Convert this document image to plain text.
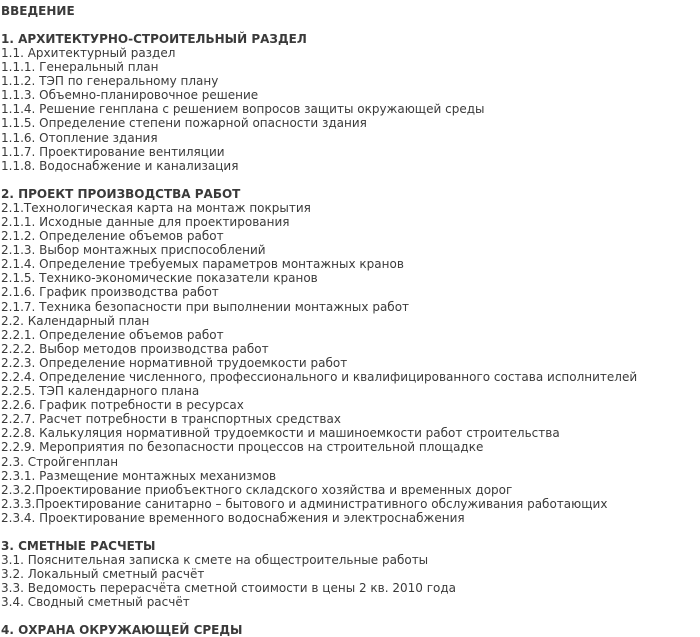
ВВЕДЕНИЕ
1. АРХИТЕКТУРНО-СТРОИТЕЛЬНЫЙ РАЗДЕЛ
1.1. Архитектурный раздел
1.1.1. Генеральный план
1.1.2. ТЭП по генеральному плану
1.1.3. Объемно-планировочное решение
1.1.4. Решение генплана с решением вопросов защиты окружающей среды
1.1.5. Определение степени пожарной опасности здания
1.1.6. Отопление здания
1.1.7. Проектирование вентиляции
1.1.8. Водоснабжение и канализация
2. ПРОЕКТ ПРОИЗВОДСТВА РАБОТ
2.1.Технологическая карта на монтаж покрытия
2.1.1. Исходные данные для проектирования
2.1.2. Определение объемов работ
2.1.3. Выбор монтажных приспособлений
2.1.4. Определение требуемых параметров монтажных кранов
2.1.5. Технико-экономические показатели кранов
2.1.6. График производства работ
2.1.7. Техника безопасности при выполнении монтажных работ
2.2. Календарный план
2.2.1. Определение объемов работ
2.2.2. Выбор методов производства работ
2.2.3. Определение нормативной трудоемкости работ
2.2.4. Определение численного, профессионального и квалифицированного состава исполнителей
2.2.5. ТЭП календарного плана
2.2.6. График потребности в ресурсах
2.2.7. Расчет потребности в транспортных средствах
2.2.8. Калькуляция нормативной трудоемкости и машиноемкости работ строительства
2.2.9. Мероприятия по безопасности процессов на строительной площадке
2.3. Стройгенплан
2.3.1. Размещение монтажных механизмов
2.3.2.Проектирование приобъектного складского хозяйства и временных дорог
2.3.3.Проектирование санитарно – бытового и административного обслуживания работающих
2.3.4. Проектирование временного водоснабжения и электроснабжения
3. СМЕТНЫЕ РАСЧЕТЫ
3.1. Пояснительная записка к смете на общестроительные работы
3.2. Локальный сметный расчёт
3.3. Ведомость перерасчёта сметной стоимости в цены 2 кв. 2010 года
3.4. Сводный сметный расчёт
4. ОХРАНА ОКРУЖАЮЩЕЙ СРЕДЫ
